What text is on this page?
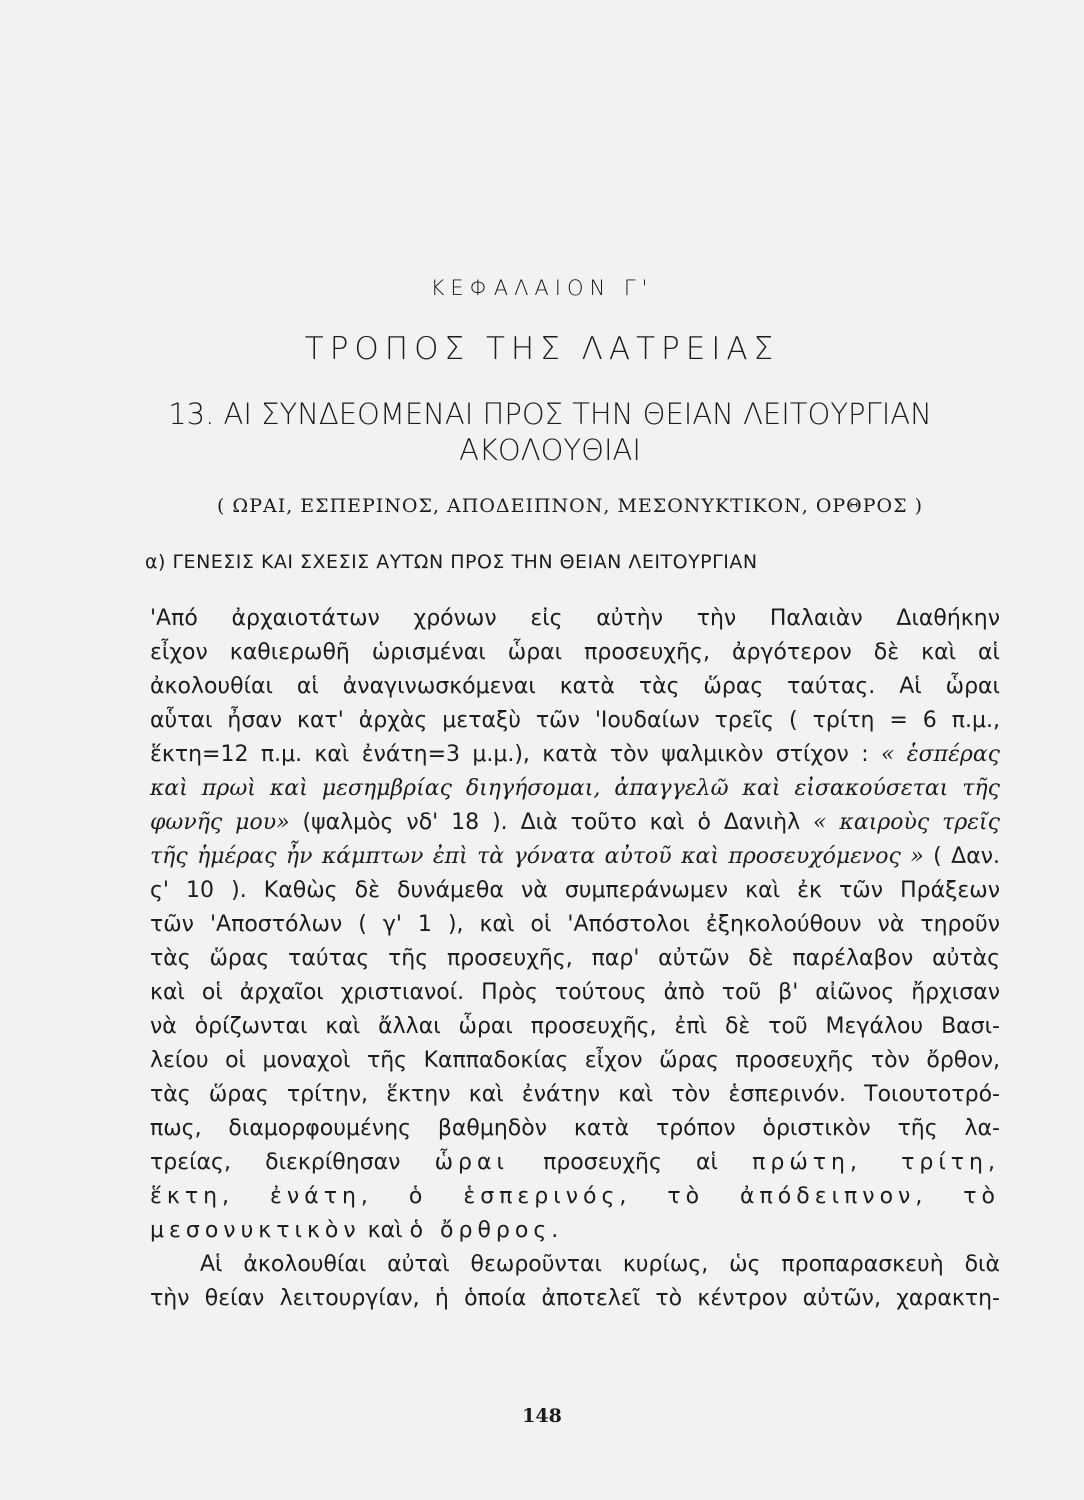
ΚΕΦΑΛΑΙΟΝ Γ'
ΤΡΟΠΟΣ ΤΗΣ ΛΑΤΡΕΙΑΣ
13. ΑΙ ΣΥΝΔΕΟΜΕΝΑΙ ΠΡΟΣ ΤΗΝ ΘΕΙΑΝ ΛΕΙΤΟΥΡΓΙΑΝ
ΑΚΟΛΟΥΘΙΑΙ
( ΩΡΑΙ, ΕΣΠΕΡΙΝΟΣ, ΑΠΟΔΕΙΠΝΟΝ, ΜΕΣΟΝΥΚΤΙΚΟΝ, ΟΡΘΡΟΣ )
α) ΓΕΝΕΣΙΣ ΚΑΙ ΣΧΕΣΙΣ ΑΥΤΩΝ ΠΡΟΣ ΤΗΝ ΘΕΙΑΝ ΛΕΙΤΟΥΡΓΙΑΝ
'Από ἀρχαιοτάτων χρόνων εἰς αὐτὴν τὴν Παλαιὰν Διαθήκην
εἶχον καθιερωθῆ ὡρισμέναι ὧραι προσευχῆς, ἀργότερον δὲ καὶ αἱ
ἀκολουθίαι αἱ ἀναγινωσκόμεναι κατὰ τὰς ὥρας ταύτας. Αἱ ὧραι
αὗται ἦσαν κατ' ἀρχὰς μεταξὺ τῶν 'Ιουδαίων τρεῖς ( τρίτη = 6 π.μ.,
ἕκτη=12 π.μ. καὶ ἐνάτη=3 μ.μ.), κατὰ τὸν ψαλμικὸν στίχον : « ἑσπέρας
καὶ πρωὶ καὶ μεσημβρίας διηγήσομαι, ἀπαγγελῶ καὶ εἰσακούσεται τῆς
φωνῆς μου» (ψαλμὸς νδ' 18 ). Διὰ τοῦτο καὶ ὁ Δανιὴλ « καιροὺς τρεῖς
τῆς ἡμέρας ἦν κάμπτων ἐπὶ τὰ γόνατα αὐτοῦ καὶ προσευχόμενος » ( Δαν.
ς' 10 ). Καθὼς δὲ δυνάμεθα νὰ συμπεράνωμεν καὶ ἐκ τῶν Πράξεων
τῶν 'Αποστόλων ( γ' 1 ), καὶ οἱ 'Απόστολοι ἐξηκολούθουν νὰ τηροῦν
τὰς ὥρας ταύτας τῆς προσευχῆς, παρ' αὐτῶν δὲ παρέλαβον αὐτὰς
καὶ οἱ ἀρχαῖοι χριστιανοί. Πρὸς τούτους ἀπὸ τοῦ β' αἰῶνος ἤρχισαν
νὰ ὁρίζωνται καὶ ἄλλαι ὧραι προσευχῆς, ἐπὶ δὲ τοῦ Μεγάλου Βασι-
λείου οἱ μοναχοὶ τῆς Καππαδοκίας εἶχον ὥρας προσευχῆς τὸν ὄρθον,
τὰς ὥρας τρίτην, ἕκτην καὶ ἐνάτην καὶ τὸν ἑσπερινόν. Τοιουτοτρό-
πως, διαμορφουμένης βαθμηδὸν κατὰ τρόπον ὁριστικὸν τῆς λα-
τρείας, διεκρίθησαν ὧραι προσευχῆς αἱ πρώτη, τρίτη,
ἕκτη, ἐνάτη, ὁ ἑσπερινός, τὸ ἀπόδειπνον, τὸ
μεσονυκτικὸν καὶ ὁ ὄρθρος.
Αἱ ἀκολουθίαι αὐταὶ θεωροῦνται κυρίως, ὡς προπαρασκευὴ διὰ
τὴν θείαν λειτουργίαν, ἡ ὁποία ἀποτελεῖ τὸ κέντρον αὐτῶν, χαρακτη-
148
